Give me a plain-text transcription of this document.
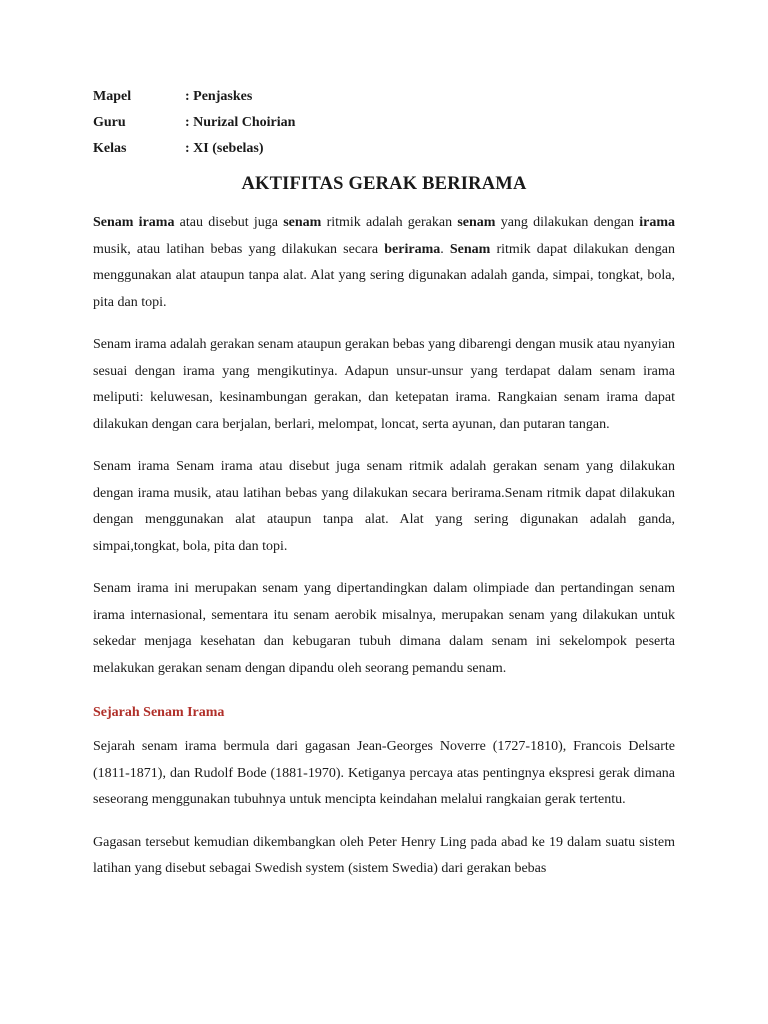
Mapel	: Penjaskes
Guru	: Nurizal Choirian
Kelas	: XI (sebelas)
AKTIFITAS GERAK BERIRAMA

Senam irama atau disebut juga senam ritmik adalah gerakan senam yang dilakukan dengan irama musik, atau latihan bebas yang dilakukan secara berirama. Senam ritmik dapat dilakukan dengan menggunakan alat ataupun tanpa alat. Alat yang sering digunakan adalah ganda, simpai, tongkat, bola, pita dan topi.

Senam irama adalah gerakan senam ataupun gerakan bebas yang dibarengi dengan musik atau nyanyian sesuai dengan irama yang mengikutinya. Adapun unsur-unsur yang terdapat dalam senam irama meliputi: keluwesan, kesinambungan gerakan, dan ketepatan irama. Rangkaian senam irama dapat dilakukan dengan cara berjalan, berlari, melompat, loncat, serta ayunan, dan putaran tangan.

Senam irama Senam irama atau disebut juga senam ritmik adalah gerakan senam yang dilakukan dengan irama musik, atau latihan bebas yang dilakukan secara berirama.Senam ritmik dapat dilakukan dengan menggunakan alat ataupun tanpa alat. Alat yang sering digunakan adalah ganda, simpai,tongkat, bola, pita dan topi.

Senam irama ini merupakan senam yang dipertandingkan dalam olimpiade dan pertandingan senam irama internasional, sementara itu senam aerobik misalnya, merupakan senam yang dilakukan untuk sekedar menjaga kesehatan dan kebugaran tubuh dimana dalam senam ini sekelompok peserta melakukan gerakan senam dengan dipandu oleh seorang pemandu senam.

Sejarah Senam Irama

Sejarah senam irama bermula dari gagasan Jean-Georges Noverre (1727-1810), Francois Delsarte (1811-1871), dan Rudolf Bode (1881-1970). Ketiganya percaya atas pentingnya ekspresi gerak dimana seseorang menggunakan tubuhnya untuk mencipta keindahan melalui rangkaian gerak tertentu.

Gagasan tersebut kemudian dikembangkan oleh Peter Henry Ling pada abad ke 19 dalam suatu sistem latihan yang disebut sebagai Swedish system (sistem Swedia) dari gerakan bebas
